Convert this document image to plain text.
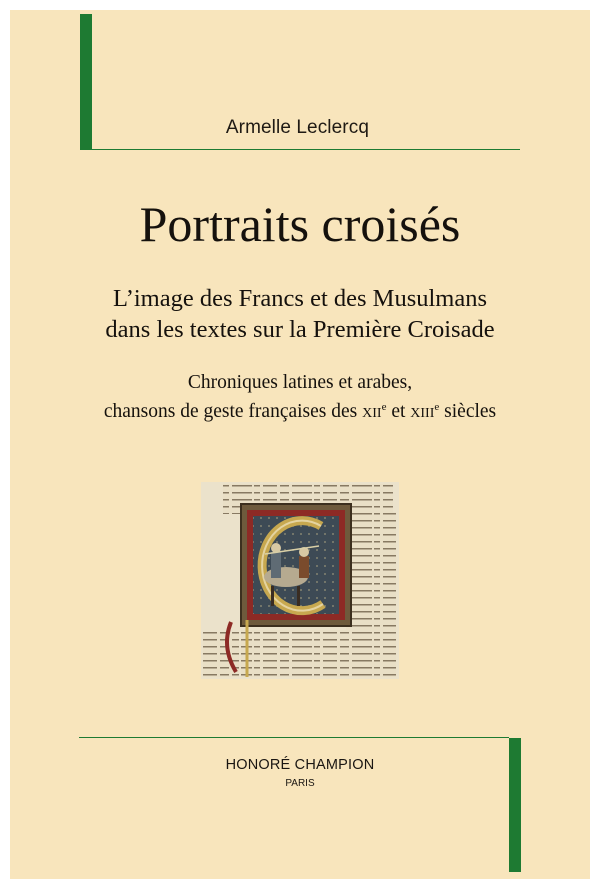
Armelle Leclercq
Portraits croisés
L’image des Francs et des Musulmans
dans les textes sur la Première Croisade
Chroniques latines et arabes,
chansons de geste françaises des XIIe et XIIIe siècles
HONORÉ CHAMPION
PARIS
